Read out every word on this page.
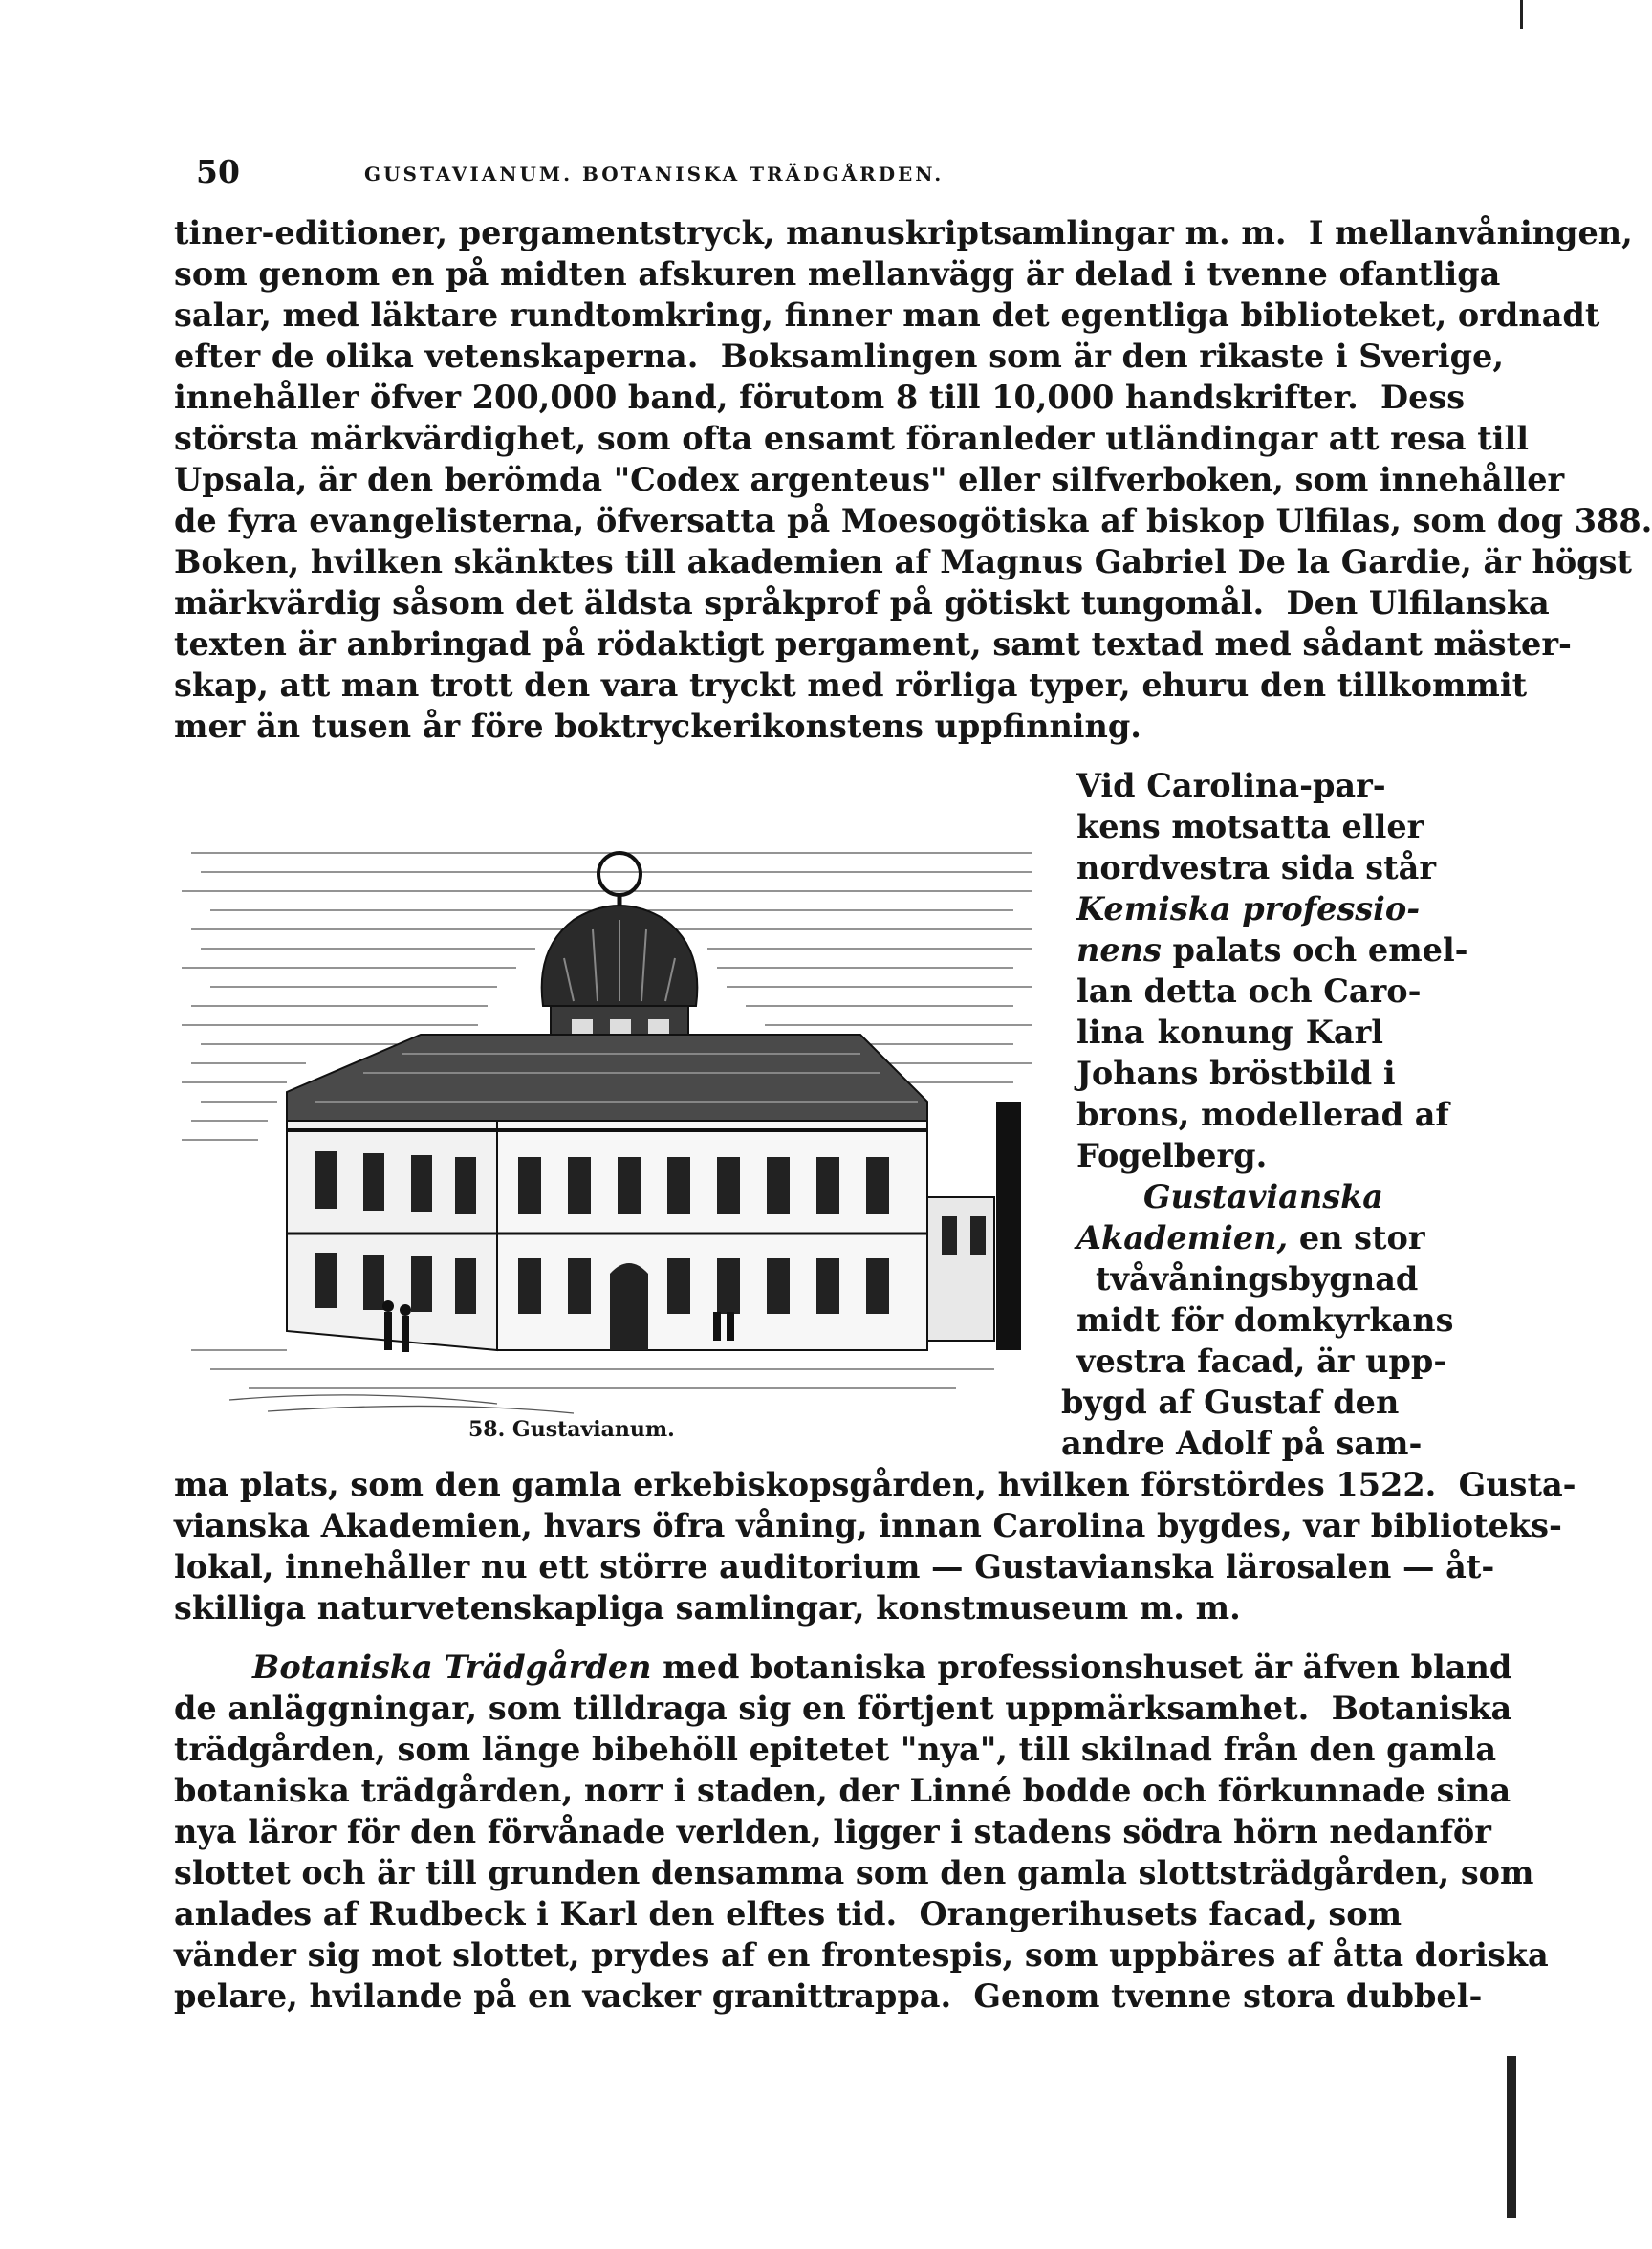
50	GUSTAVIANUM. BOTANISKA TRÄDGÅRDEN.
tiner-editioner, pergamentstryck, manuskriptsamlingar m. m.  I mellanvåningen,
som genom en på midten afskuren mellanvägg är delad i tvenne ofantliga
salar, med läktare rundtomkring, finner man det egentliga biblioteket, ordnadt
efter de olika vetenskaperna.  Boksamlingen som är den rikaste i Sverige,
innehåller öfver 200,000 band, förutom 8 till 10,000 handskrifter.  Dess
största märkvärdighet, som ofta ensamt föranleder utländingar att resa till
Upsala, är den berömda "Codex argenteus" eller silfverboken, som innehåller
de fyra evangelisterna, öfversatta på Moesogötiska af biskop Ulfilas, som dog 388.
Boken, hvilken skänktes till akademien af Magnus Gabriel De la Gardie, är högst
märkvärdig såsom det äldsta språkprof på götiskt tungomål.  Den Ulfilanska
texten är anbringad på rödaktigt pergament, samt textad med sådant mäster-
skap, att man trott den vara tryckt med rörliga typer, ehuru den tillkommit
mer än tusen år före boktryckerikonstens uppfinning.
Vid Carolina-par-
kens motsatta eller
nordvestra sida står
Kemiska professio-
nens palats och emel-
lan detta och Caro-
lina konung Karl
Johans bröstbild i
brons, modellerad af
Fogelberg.
Gustavianska
Akademien, en stor
tvåvåningsbygnad
midt för domkyrkans
vestra facad, är upp-
bygd af Gustaf den
andre Adolf på sam-
58. Gustavianum.
ma plats, som den gamla erkebiskopsgården, hvilken förstördes 1522.  Gusta-
vianska Akademien, hvars öfra våning, innan Carolina bygdes, var biblioteks-
lokal, innehåller nu ett större auditorium — Gustavianska lärosalen — åt-
skilliga naturvetenskapliga samlingar, konstmuseum m. m.
Botaniska Trädgården med botaniska professionshuset är äfven bland
de anläggningar, som tilldraga sig en förtjent uppmärksamhet.  Botaniska
trädgården, som länge bibehöll epitetet "nya", till skilnad från den gamla
botaniska trädgården, norr i staden, der Linné bodde och förkunnade sina
nya läror för den förvånade verlden, ligger i stadens södra hörn nedanför
slottet och är till grunden densamma som den gamla slottsträdgården, som
anlades af Rudbeck i Karl den elftes tid.  Orangerihusets facad, som
vänder sig mot slottet, prydes af en frontespis, som uppbäres af åtta doriska
pelare, hvilande på en vacker granittrappa.  Genom tvenne stora dubbel-
